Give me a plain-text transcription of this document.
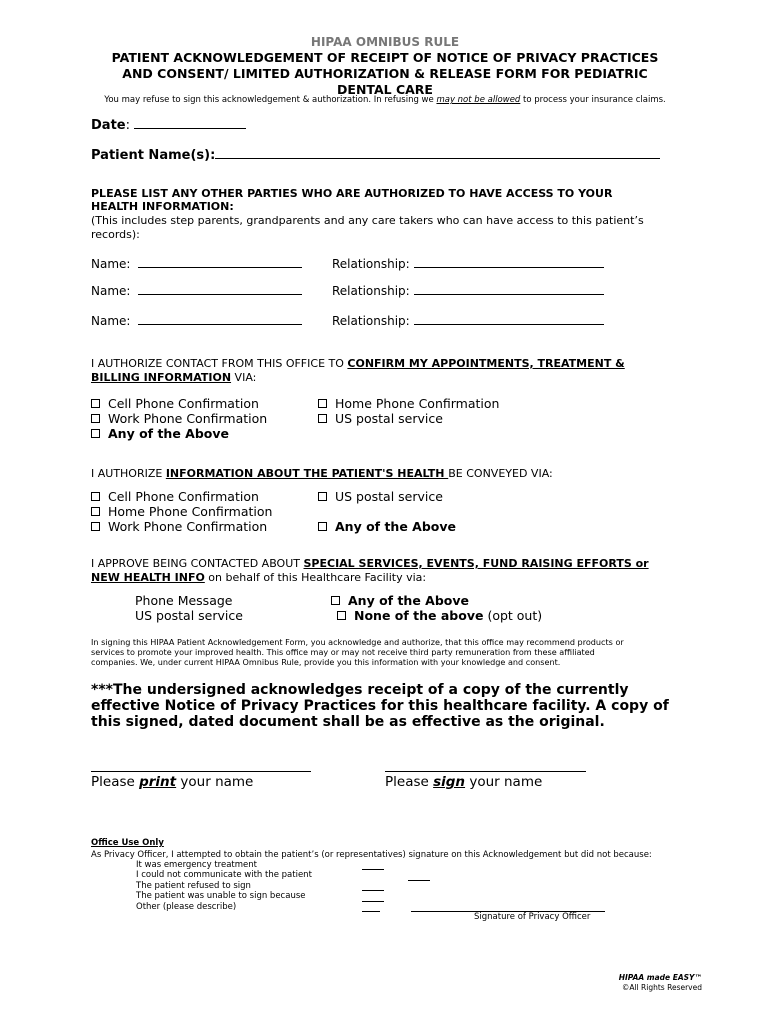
HIPAA OMNIBUS RULE
PATIENT ACKNOWLEDGEMENT OF RECEIPT OF NOTICE OF PRIVACY PRACTICES
AND CONSENT/ LIMITED AUTHORIZATION & RELEASE FORM FOR PEDIATRIC
DENTAL CARE
You may refuse to sign this acknowledgement & authorization. In refusing we may not be allowed to process your insurance claims.
Date:
Patient Name(s):
PLEASE LIST ANY OTHER PARTIES WHO ARE AUTHORIZED TO HAVE ACCESS TO YOUR
HEALTH INFORMATION:
(This includes step parents, grandparents and any care takers who can have access to this patient’s
records):
Name:	Relationship:
Name:	Relationship:
Name:	Relationship:
I AUTHORIZE CONTACT FROM THIS OFFICE TO CONFIRM MY APPOINTMENTS, TREATMENT &
BILLING INFORMATION VIA:
Cell Phone Confirmation
Work Phone Confirmation
Any of the Above
Home Phone Confirmation
US postal service
I AUTHORIZE INFORMATION ABOUT THE PATIENT'S HEALTH BE CONVEYED VIA:
Cell Phone Confirmation
Home Phone Confirmation
Work Phone Confirmation
US postal service
Any of the Above
I APPROVE BEING CONTACTED ABOUT SPECIAL SERVICES, EVENTS, FUND RAISING EFFORTS or
NEW HEALTH INFO on behalf of this Healthcare Facility via:
Phone Message
US postal service
Any of the Above
None of the above (opt out)
In signing this HIPAA Patient Acknowledgement Form, you acknowledge and authorize, that this office may recommend products or
services to promote your improved health. This office may or may not receive third party remuneration from these affiliated
companies. We, under current HIPAA Omnibus Rule, provide you this information with your knowledge and consent.
***The undersigned acknowledges receipt of a copy of the currently
effective Notice of Privacy Practices for this healthcare facility. A copy of
this signed, dated document shall be as effective as the original.
Please print your name	Please sign your name
Office Use Only
As Privacy Officer, I attempted to obtain the patient’s (or representatives) signature on this Acknowledgement but did not because:
It was emergency treatment
I could not communicate with the patient
The patient refused to sign
The patient was unable to sign because
Other (please describe)
Signature of Privacy Officer
HIPAA made EASY™
©All Rights Reserved
